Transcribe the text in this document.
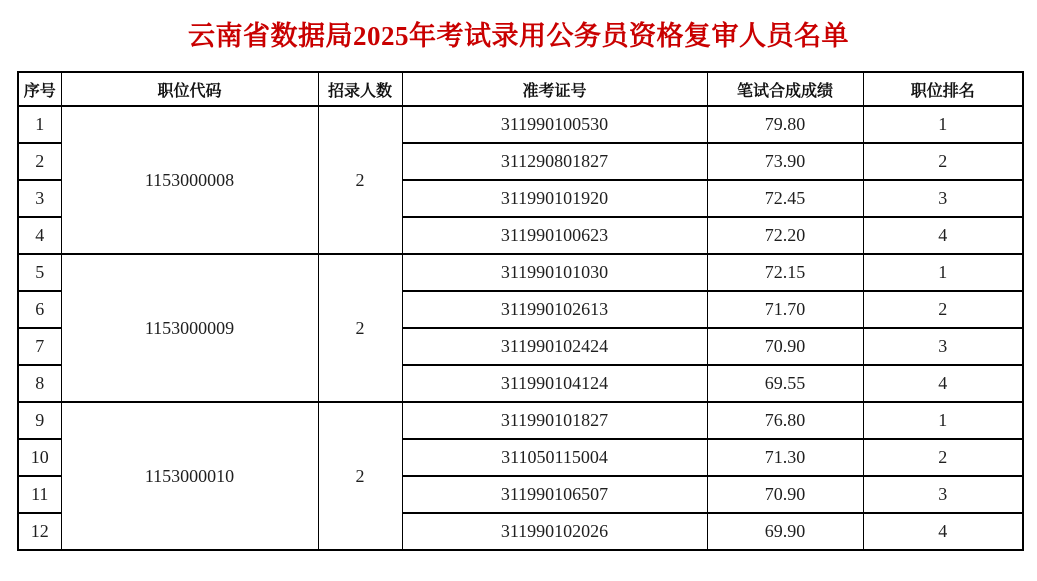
云南省数据局2025年考试录用公务员资格复审人员名单
序号	职位代码	招录人数	准考证号	笔试合成成绩	职位排名
1	1153000008	2	311990100530	79.80	1
2			311290801827	73.90	2
3			311990101920	72.45	3
4			311990100623	72.20	4
5	1153000009	2	311990101030	72.15	1
6			311990102613	71.70	2
7			311990102424	70.90	3
8			311990104124	69.55	4
9	1153000010	2	311990101827	76.80	1
10			311050115004	71.30	2
11			311990106507	70.90	3
12			311990102026	69.90	4
